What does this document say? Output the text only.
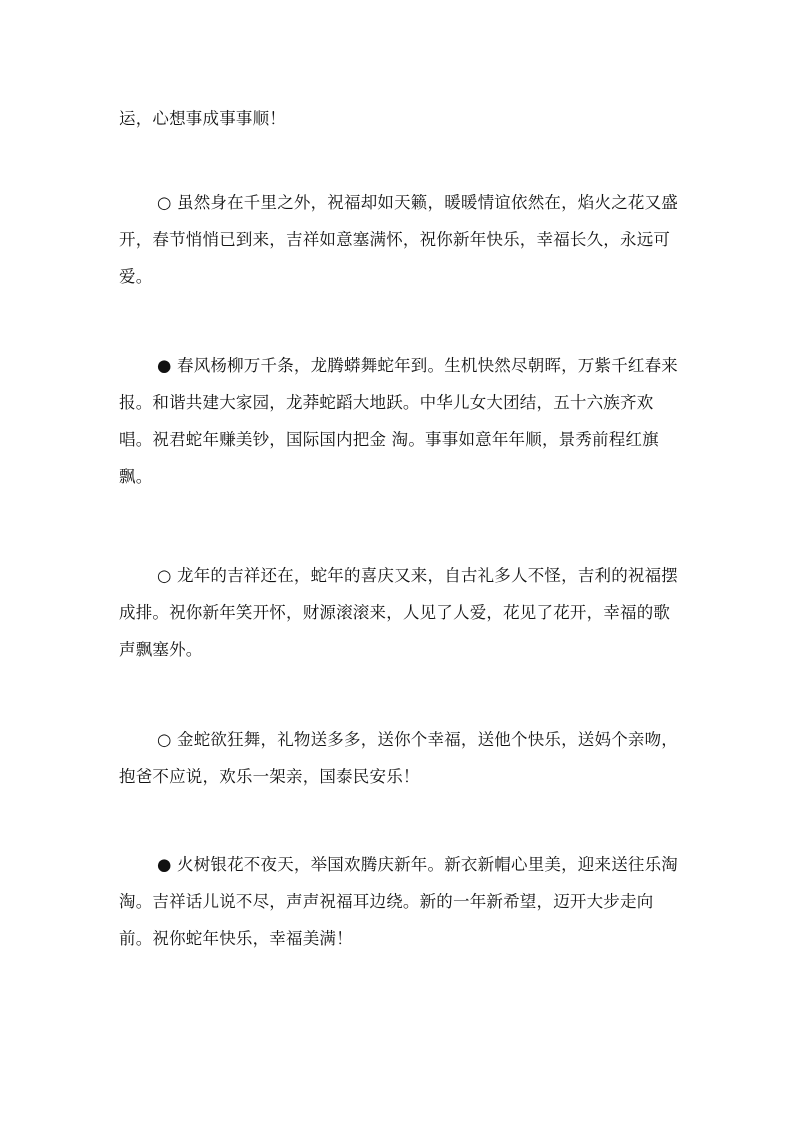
运，心想事成事事顺！

○ 虽然身在千里之外，祝福却如天籁，暖暖情谊依然在，焰火之花又盛开，春节悄悄已到来，吉祥如意塞满怀，祝你新年快乐，幸福长久，永远可爱。

● 春风杨柳万千条，龙腾蟒舞蛇年到。生机快然尽朝晖，万紫千红春来报。和谐共建大家园，龙莽蛇蹈大地跃。中华儿女大团结，五十六族齐欢唱。祝君蛇年赚美钞，国际国内把金 淘。事事如意年年顺，景秀前程红旗飘。

○ 龙年的吉祥还在，蛇年的喜庆又来，自古礼多人不怪，吉利的祝福摆成排。祝你新年笑开怀，财源滚滚来，人见了人爱，花见了花开，幸福的歌声飘塞外。

○ 金蛇欲狂舞，礼物送多多，送你个幸福，送他个快乐，送妈个亲吻，抱爸不应说，欢乐一架亲，国泰民安乐！

● 火树银花不夜天，举国欢腾庆新年。新衣新帽心里美，迎来送往乐淘淘。吉祥话儿说不尽，声声祝福耳边绕。新的一年新希望，迈开大步走向前。祝你蛇年快乐，幸福美满！
